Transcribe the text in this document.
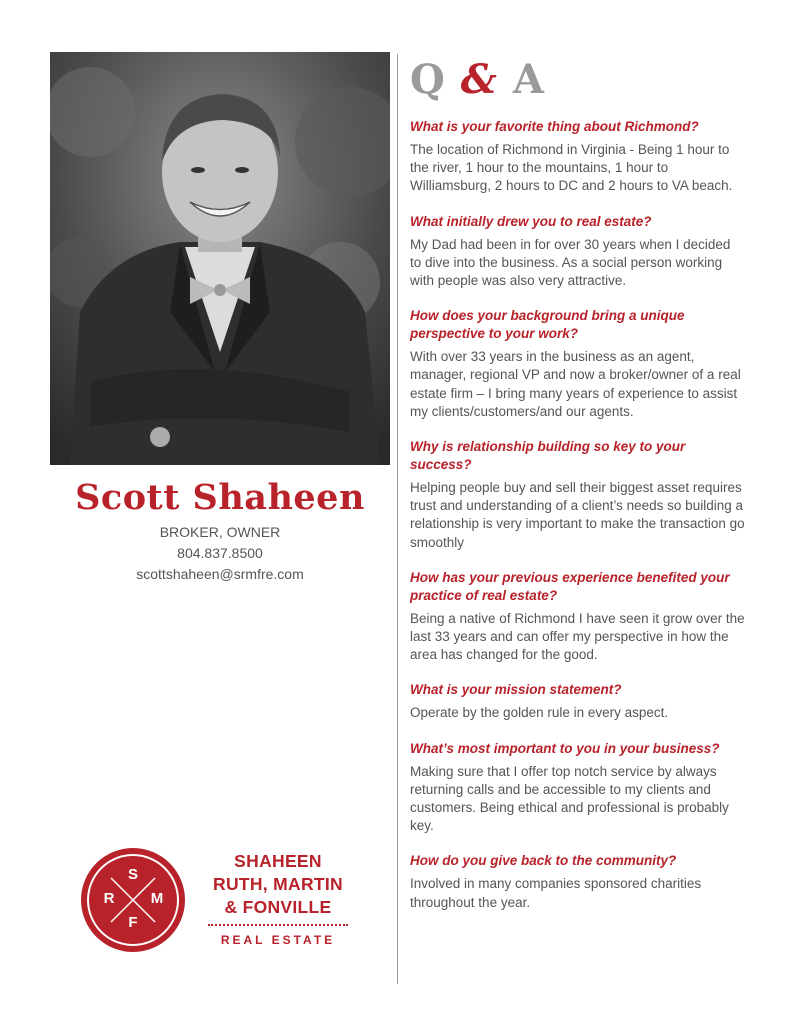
Scott Shaheen
BROKER, OWNER
804.837.8500
scottshaheen@srmfre.com
Q & A
What is your favorite thing about Richmond?
The location of Richmond in Virginia - Being 1 hour to the river, 1 hour to the mountains, 1 hour to Williamsburg, 2 hours to DC and 2 hours to VA beach.
What initially drew you to real estate?
My Dad had been in for over 30 years when I decided to dive into the business. As a social person working with people was also very attractive.
How does your background bring a unique perspective to your work?
With over 33 years in the business as an agent, manager, regional VP and now a broker/owner of a real estate firm – I bring many years of experience to assist my clients/customers/and our agents.
Why is relationship building so key to your success?
Helping people buy and sell their biggest asset requires trust and understanding of a client’s needs so building a relationship is very important to make the transaction go smoothly
How has your previous experience benefited your practice of real estate?
Being a native of Richmond I have seen it grow over the last 33 years and can offer my perspective in how the area has changed for the good.
What is your mission statement?
Operate by the golden rule in every aspect.
What’s most important to you in your business?
Making sure that I offer top notch service by always returning calls and be accessible to my clients and customers. Being ethical and professional is probably key.
How do you give back to the community?
Involved in many companies sponsored charities throughout the year.
S
R	M
F
SHAHEEN
RUTH, MARTIN
& FONVILLE
REAL ESTATE
